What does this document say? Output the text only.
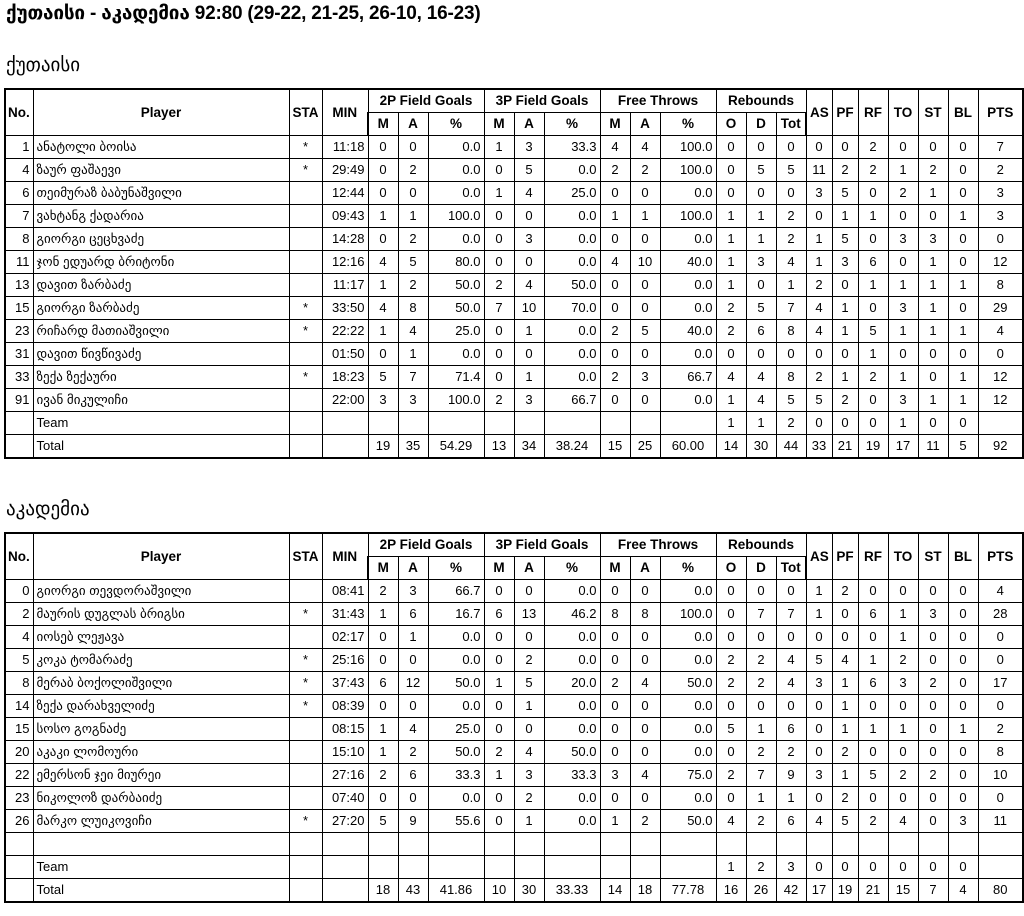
ქუთაისი - აკადემია 92:80 (29-22, 21-25, 26-10, 16-23)
ქუთაისი
No.	Player	STA	MIN	2P Field Goals			3P Field Goals			Free Throws			Rebounds			AS	PF	RF	TO	ST	BL	PTS
				M	A	%	M	A	%	M	A	%	O	D	Tot							
1	ანატოლი ბოისა	*	11:18	0	0	0.0	1	3	33.3	4	4	100.0	0	0	0	0	0	2	0	0	0	7
4	ზაურ ფაშაევი	*	29:49	0	2	0.0	0	5	0.0	2	2	100.0	0	5	5	11	2	2	1	2	0	2
6	თეიმურაზ ბაბუნაშვილი		12:44	0	0	0.0	1	4	25.0	0	0	0.0	0	0	0	3	5	0	2	1	0	3
7	ვახტანგ ქადარია		09:43	1	1	100.0	0	0	0.0	1	1	100.0	1	1	2	0	1	1	0	0	1	3
8	გიორგი ცეცხვაძე		14:28	0	2	0.0	0	3	0.0	0	0	0.0	1	1	2	1	5	0	3	3	0	0
11	ჯონ ედუარდ ბრიტონი		12:16	4	5	80.0	0	0	0.0	4	10	40.0	1	3	4	1	3	6	0	1	0	12
13	დავით ზარბაძე		11:17	1	2	50.0	2	4	50.0	0	0	0.0	1	0	1	2	0	1	1	1	1	8
15	გიორგი ზარბაძე	*	33:50	4	8	50.0	7	10	70.0	0	0	0.0	2	5	7	4	1	0	3	1	0	29
23	რიჩარდ მათიაშვილი	*	22:22	1	4	25.0	0	1	0.0	2	5	40.0	2	6	8	4	1	5	1	1	1	4
31	დავით წივწივაძე		01:50	0	1	0.0	0	0	0.0	0	0	0.0	0	0	0	0	0	1	0	0	0	0
33	ზექა ზექაური	*	18:23	5	7	71.4	0	1	0.0	2	3	66.7	4	4	8	2	1	2	1	0	1	12
91	ივან მიკულიჩი		22:00	3	3	100.0	2	3	66.7	0	0	0.0	1	4	5	5	2	0	3	1	1	12
	Team												1	1	2	0	0	0	1	0	0	
	Total			19	35	54.29	13	34	38.24	15	25	60.00	14	30	44	33	21	19	17	11	5	92
აკადემია
No.	Player	STA	MIN	2P Field Goals			3P Field Goals			Free Throws			Rebounds			AS	PF	RF	TO	ST	BL	PTS
				M	A	%	M	A	%	M	A	%	O	D	Tot							
0	გიორგი თევდორაშვილი		08:41	2	3	66.7	0	0	0.0	0	0	0.0	0	0	0	1	2	0	0	0	0	4
2	მაურის დუგლას ბრიგსი	*	31:43	1	6	16.7	6	13	46.2	8	8	100.0	0	7	7	1	0	6	1	3	0	28
4	იოსებ ლეჟავა		02:17	0	1	0.0	0	0	0.0	0	0	0.0	0	0	0	0	0	0	1	0	0	0
5	კოკა ტომარაძე	*	25:16	0	0	0.0	0	2	0.0	0	0	0.0	2	2	4	5	4	1	2	0	0	0
8	მერაბ ბოქოლიშვილი	*	37:43	6	12	50.0	1	5	20.0	2	4	50.0	2	2	4	3	1	6	3	2	0	17
14	ზექა დარახველიძე	*	08:39	0	0	0.0	0	1	0.0	0	0	0.0	0	0	0	0	1	0	0	0	0	0
15	სოსო გოგნაძე		08:15	1	4	25.0	0	0	0.0	0	0	0.0	5	1	6	0	1	1	1	0	1	2
20	აკაკი ლომოური		15:10	1	2	50.0	2	4	50.0	0	0	0.0	0	2	2	0	2	0	0	0	0	8
22	ემერსონ ჯეი მიურეი		27:16	2	6	33.3	1	3	33.3	3	4	75.0	2	7	9	3	1	5	2	2	0	10
23	ნიკოლოზ დარბაიძე		07:40	0	0	0.0	0	2	0.0	0	0	0.0	0	1	1	0	2	0	0	0	0	0
26	მარკო ლუიკოვიჩი	*	27:20	5	9	55.6	0	1	0.0	1	2	50.0	4	2	6	4	5	2	4	0	3	11

	Team												1	2	3	0	0	0	0	0	0	
	Total			18	43	41.86	10	30	33.33	14	18	77.78	16	26	42	17	19	21	15	7	4	80
